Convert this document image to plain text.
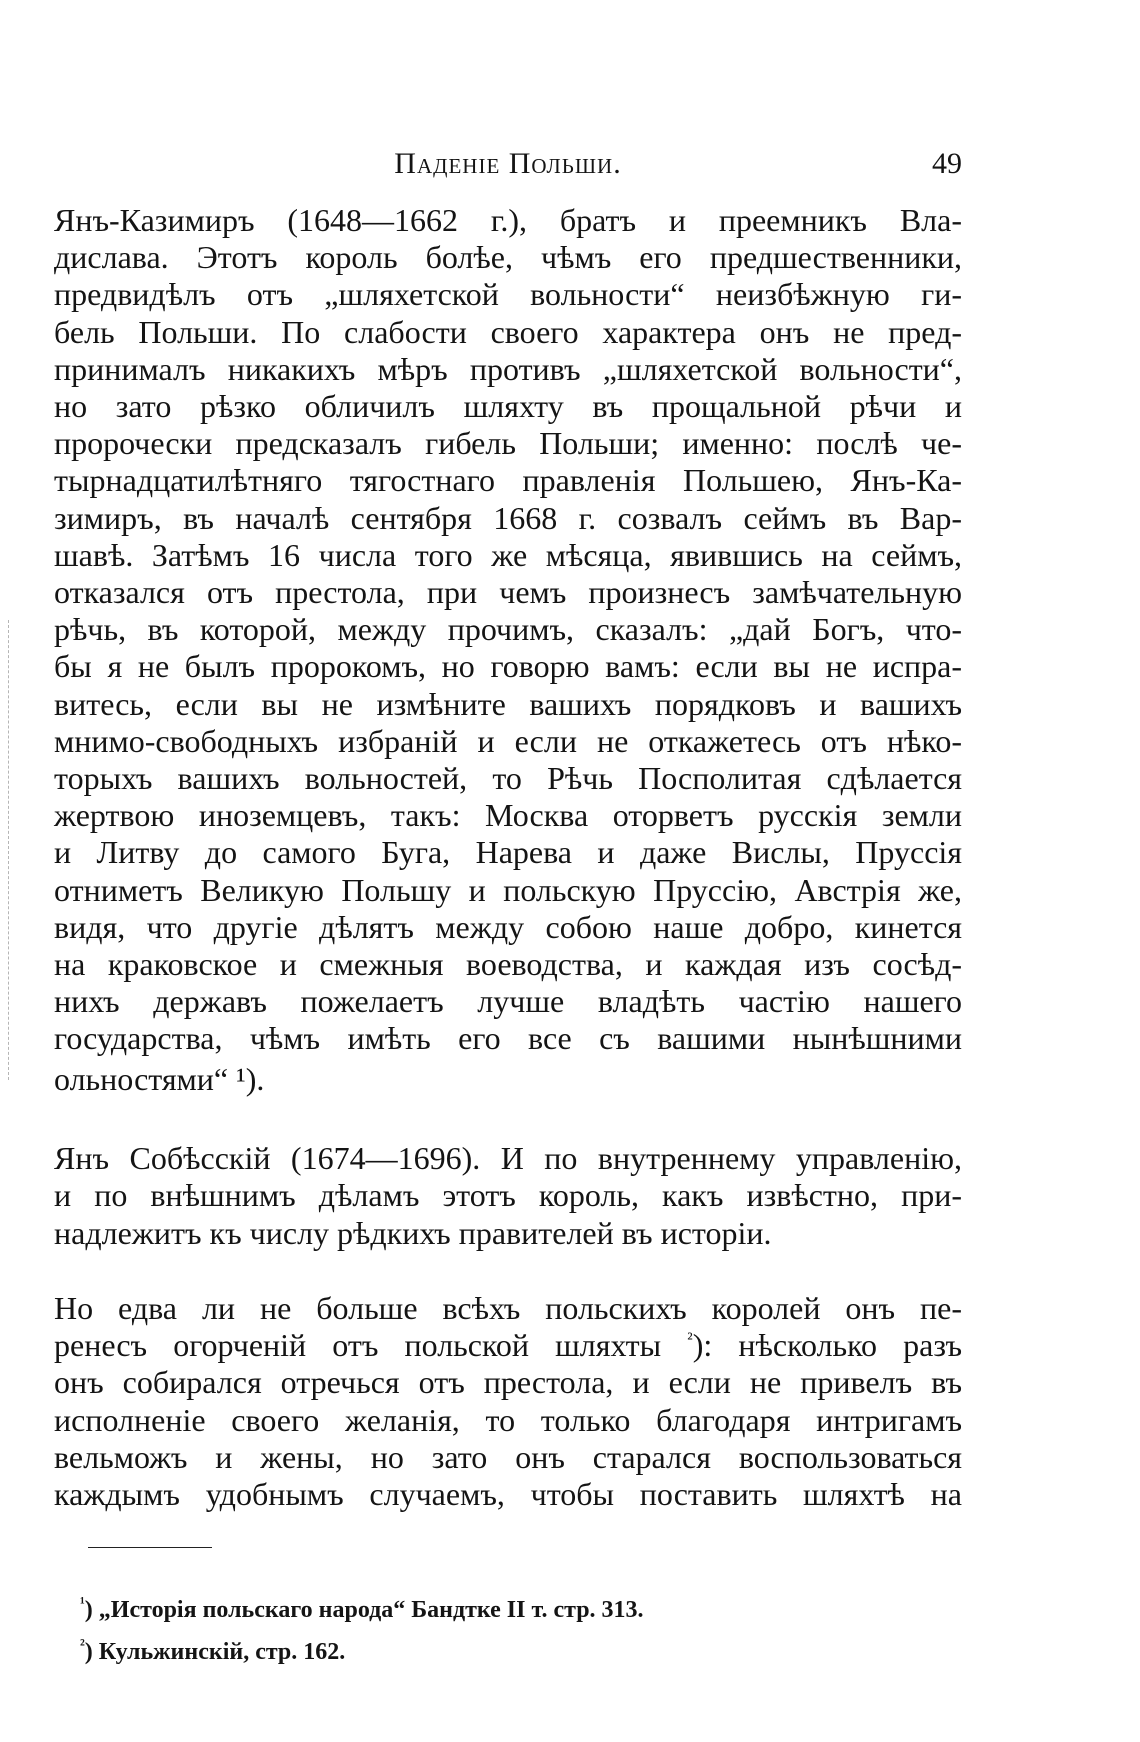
Паденіе Польши.	49
Янъ-Казимиръ (1648—1662 г.), братъ и преемникъ Вла-
дислава. Этотъ король болѣе, чѣмъ его предшественники,
предвидѣлъ отъ „шляхетской вольности“ неизбѣжную ги-
бель Польши. По слабости своего характера онъ не пред-
принималъ никакихъ мѣръ противъ „шляхетской вольности“,
но зато рѣзко обличилъ шляхту въ прощальной рѣчи и
пророчески предсказалъ гибель Польши; именно: послѣ че-
тырнадцатилѣтняго тягостнаго правленія Польшею, Янъ-Ка-
зимиръ, въ началѣ сентября 1668 г. созвалъ сеймъ въ Вар-
шавѣ. Затѣмъ 16 числа того же мѣсяца, явившись на сеймъ,
отказался отъ престола, при чемъ произнесъ замѣчательную
рѣчь, въ которой, между прочимъ, сказалъ: „дай Богъ, что-
бы я не былъ пророкомъ, но говорю вамъ: если вы не испра-
витесь, если вы не измѣните вашихъ порядковъ и вашихъ
мнимо-свободныхъ избраній и если не откажетесь отъ нѣко-
торыхъ вашихъ вольностей, то Рѣчь Посполитая сдѣлается
жертвою иноземцевъ, такъ: Москва оторветъ русскія земли
и Литву до самого Буга, Нарева и даже Вислы, Пруссія
отниметъ Великую Польшу и польскую Пруссію, Австрія же,
видя, что другіе дѣлятъ между собою наше добро, кинется
на краковское и смежныя воеводства, и каждая изъ сосѣд-
нихъ державъ пожелаетъ лучше владѣть частію нашего
государства, чѣмъ имѣть его все съ вашими нынѣшними
ольностями“ ¹).
Янъ Собѣсскій (1674—1696). И по внутреннему управленію,
и по внѣшнимъ дѣламъ этотъ король, какъ извѣстно, при-
надлежитъ къ числу рѣдкихъ правителей въ исторіи.
Но едва ли не больше всѣхъ польскихъ королей онъ пе-
ренесъ огорченій отъ польской шляхты $^{^2}$): нѣсколько разъ
онъ собирался отречься отъ престола, и если не привелъ въ
исполненіе своего желанія, то только благодаря интригамъ
вельможъ и жены, но зато онъ старался воспользоваться
каждымъ удобнымъ случаемъ, чтобы поставить шляхтѣ на

$^{^1}$) „Исторія польскаго народа“ Бандтке II т. стр. 313.

$^{^2}$) Кульжинскій, стр. 162.
